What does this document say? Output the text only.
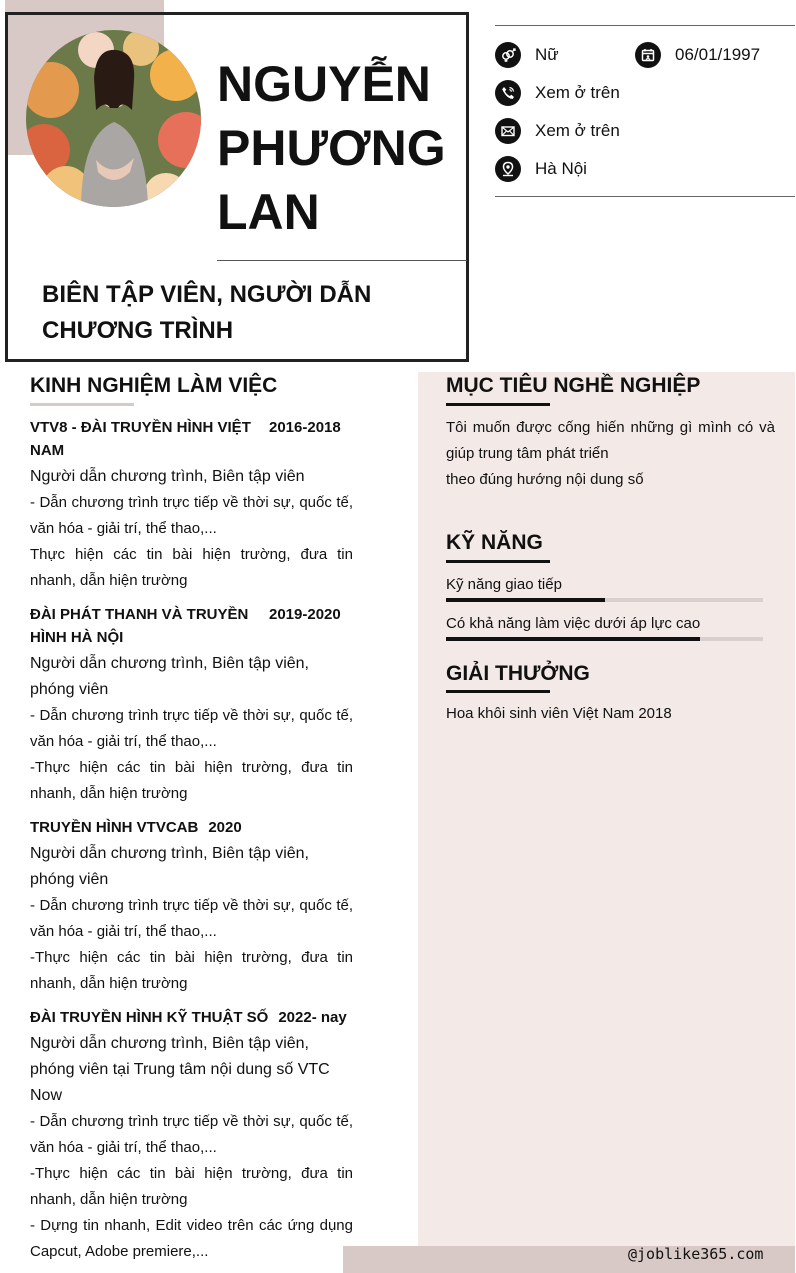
NGUYỄN
PHƯƠNG
LAN
BIÊN TẬP VIÊN, NGƯỜI DẪN
CHƯƠNG TRÌNH
Nữ	06/01/1997
Xem ở trên
Xem ở trên
Hà Nội
KINH NGHIỆM LÀM VIỆC
VTV8 - ĐÀI TRUYỀN HÌNH VIỆT NAM
2016-2018
Người dẫn chương trình, Biên tập viên
- Dẫn chương trình trực tiếp về thời sự, quốc tế, văn hóa - giải trí, thể thao,...
Thực hiện các tin bài hiện trường, đưa tin nhanh, dẫn hiện trường
ĐÀI PHÁT THANH VÀ TRUYỀN HÌNH HÀ NỘI
2019-2020
Người dẫn chương trình, Biên tập viên, phóng viên
- Dẫn chương trình trực tiếp về thời sự, quốc tế, văn hóa - giải trí, thể thao,...
-Thực hiện các tin bài hiện trường, đưa tin nhanh, dẫn hiện trường
TRUYỀN HÌNH VTVCAB 2020
Người dẫn chương trình, Biên tập viên, phóng viên
- Dẫn chương trình trực tiếp về thời sự, quốc tế, văn hóa - giải trí, thể thao,...
-Thực hiện các tin bài hiện trường, đưa tin nhanh, dẫn hiện trường
ĐÀI TRUYỀN HÌNH KỸ THUẬT SỐ 2022- nay
Người dẫn chương trình, Biên tập viên, phóng viên tại Trung tâm nội dung số VTC Now
- Dẫn chương trình trực tiếp về thời sự, quốc tế, văn hóa - giải trí, thể thao,...
-Thực hiện các tin bài hiện trường, đưa tin nhanh, dẫn hiện trường
- Dựng tin nhanh, Edit video trên các ứng dụng Capcut, Adobe premiere,...
MỤC TIÊU NGHỀ NGHIỆP
Tôi muốn được cống hiến những gì mình có và giúp trung tâm phát triển
theo đúng hướng nội dung số
KỸ NĂNG
Kỹ năng giao tiếp
Có khả năng làm việc dưới áp lực cao
GIẢI THƯỞNG
Hoa khôi sinh viên Việt Nam 2018
@joblike365.com
